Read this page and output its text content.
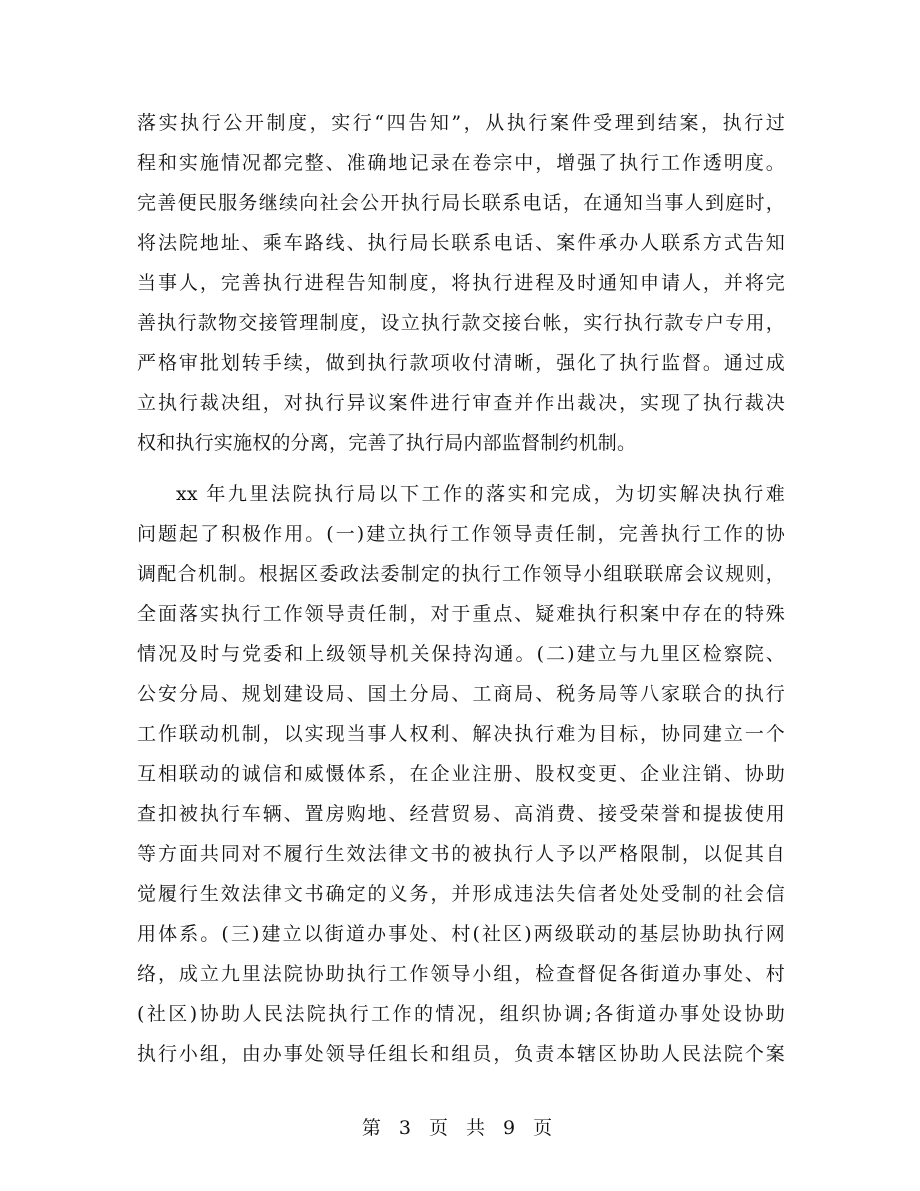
落实执行公开制度，实行“四告知”，从执行案件受理到结案，执行过
程和实施情况都完整、准确地记录在卷宗中，增强了执行工作透明度。
完善便民服务继续向社会公开执行局长联系电话，在通知当事人到庭时，
将法院地址、乘车路线、执行局长联系电话、案件承办人联系方式告知
当事人，完善执行进程告知制度，将执行进程及时通知申请人，并将完
善执行款物交接管理制度，设立执行款交接台帐，实行执行款专户专用，
严格审批划转手续，做到执行款项收付清晰，强化了执行监督。通过成
立执行裁决组，对执行异议案件进行审查并作出裁决，实现了执行裁决
权和执行实施权的分离，完善了执行局内部监督制约机制。
xx 年九里法院执行局以下工作的落实和完成，为切实解决执行难
问题起了积极作用。(一)建立执行工作领导责任制，完善执行工作的协
调配合机制。根据区委政法委制定的执行工作领导小组联联席会议规则，
全面落实执行工作领导责任制，对于重点、疑难执行积案中存在的特殊
情况及时与党委和上级领导机关保持沟通。(二)建立与九里区检察院、
公安分局、规划建设局、国土分局、工商局、税务局等八家联合的执行
工作联动机制，以实现当事人权利、解决执行难为目标，协同建立一个
互相联动的诚信和威慑体系，在企业注册、股权变更、企业注销、协助
查扣被执行车辆、置房购地、经营贸易、高消费、接受荣誉和提拔使用
等方面共同对不履行生效法律文书的被执行人予以严格限制，以促其自
觉履行生效法律文书确定的义务，并形成违法失信者处处受制的社会信
用体系。(三)建立以街道办事处、村(社区)两级联动的基层协助执行网
络，成立九里法院协助执行工作领导小组，检查督促各街道办事处、村
(社区)协助人民法院执行工作的情况，组织协调;各街道办事处设协助
执行小组，由办事处领导任组长和组员，负责本辖区协助人民法院个案
第 3 页 共 9 页
